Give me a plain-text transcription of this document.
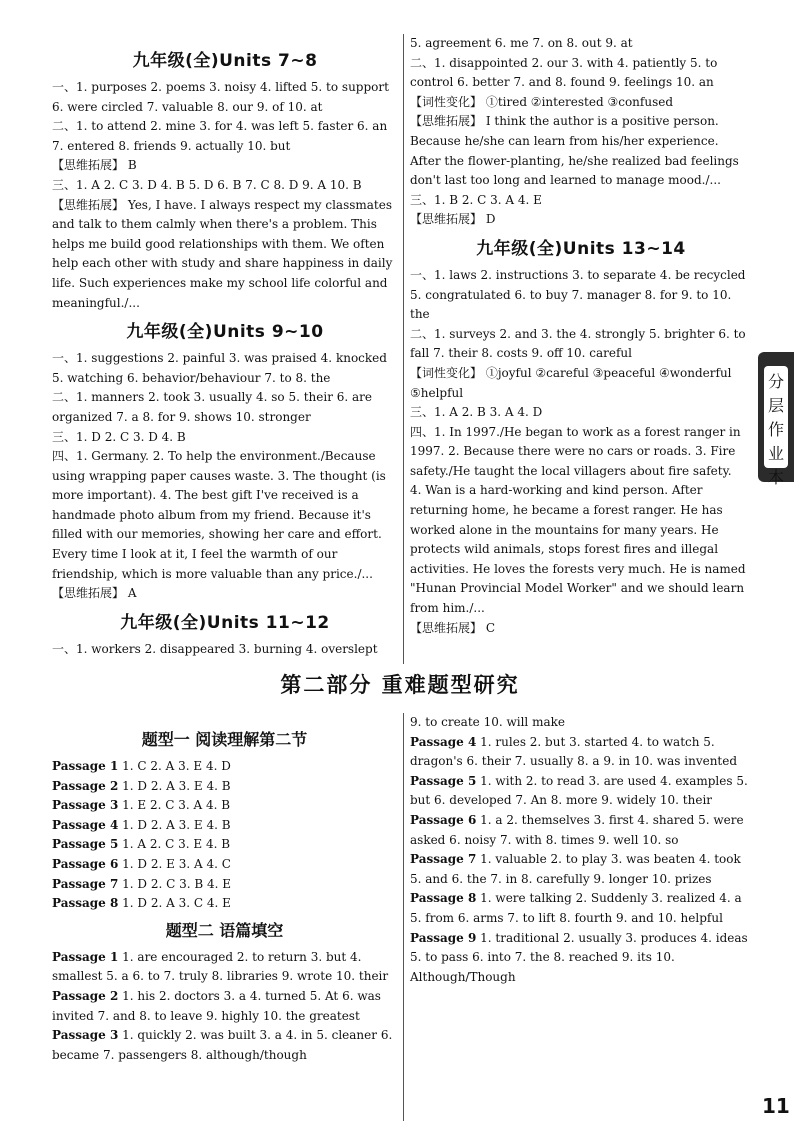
九年级(全)Units 7~8

一、1. purposes 2. poems 3. noisy 4. lifted 5. to support 6. were circled 7. valuable 8. our 9. of 10. at

二、1. to attend 2. mine 3. for 4. was left 5. faster 6. an 7. entered 8. friends 9. actually 10. but

【思维拓展】 B

三、1. A 2. C 3. D 4. B 5. D 6. B 7. C 8. D 9. A 10. B

【思维拓展】 Yes, I have. I always respect my classmates and talk to them calmly when there's a problem. This helps me build good relationships with them. We often help each other with study and share happiness in daily life. Such experiences make my school life colorful and meaningful./...

九年级(全)Units 9~10

一、1. suggestions 2. painful 3. was praised 4. knocked 5. watching 6. behavior/behaviour 7. to 8. the

二、1. manners 2. took 3. usually 4. so 5. their 6. are organized 7. a 8. for 9. shows 10. stronger

三、1. D 2. C 3. D 4. B

四、1. Germany. 2. To help the environment./Because using wrapping paper causes waste. 3. The thought (is more important). 4. The best gift I've received is a handmade photo album from my friend. Because it's filled with our memories, showing her care and effort. Every time I look at it, I feel the warmth of our friendship, which is more valuable than any price./...

【思维拓展】 A

九年级(全)Units 11~12

一、1. workers 2. disappeared 3. burning 4. overslept

5. agreement 6. me 7. on 8. out 9. at

二、1. disappointed 2. our 3. with 4. patiently 5. to control 6. better 7. and 8. found 9. feelings 10. an

【词性变化】 ①tired ②interested ③confused

【思维拓展】 I think the author is a positive person. Because he/she can learn from his/her experience. After the flower-planting, he/she realized bad feelings don't last too long and learned to manage mood./...

三、1. B 2. C 3. A 4. E

【思维拓展】 D

九年级(全)Units 13~14

一、1. laws 2. instructions 3. to separate 4. be recycled 5. congratulated 6. to buy 7. manager 8. for 9. to 10. the

二、1. surveys 2. and 3. the 4. strongly 5. brighter 6. to fall 7. their 8. costs 9. off 10. careful

【词性变化】 ①joyful ②careful ③peaceful ④wonderful ⑤helpful

三、1. A 2. B 3. A 4. D

四、1. In 1997./He began to work as a forest ranger in 1997. 2. Because there were no cars or roads. 3. Fire safety./He taught the local villagers about fire safety.

4. Wan is a hard-working and kind person. After returning home, he became a forest ranger. He has worked alone in the mountains for many years. He protects wild animals, stops forest fires and illegal activities. He loves the forests very much. He is named "Hunan Provincial Model Worker" and we should learn from him./...

【思维拓展】 C

分层作业本
第二部分 重难题型研究

题型一 阅读理解第二节

Passage 1 1. C 2. A 3. E 4. D

Passage 2 1. D 2. A 3. E 4. B

Passage 3 1. E 2. C 3. A 4. B

Passage 4 1. D 2. A 3. E 4. B

Passage 5 1. A 2. C 3. E 4. B

Passage 6 1. D 2. E 3. A 4. C

Passage 7 1. D 2. C 3. B 4. E

Passage 8 1. D 2. A 3. C 4. E

题型二 语篇填空

Passage 1 1. are encouraged 2. to return 3. but 4. smallest 5. a 6. to 7. truly 8. libraries 9. wrote 10. their

Passage 2 1. his 2. doctors 3. a 4. turned 5. At 6. was invited 7. and 8. to leave 9. highly 10. the greatest

Passage 3 1. quickly 2. was built 3. a 4. in 5. cleaner 6. became 7. passengers 8. although/though

9. to create 10. will make

Passage 4 1. rules 2. but 3. started 4. to watch 5. dragon's 6. their 7. usually 8. a 9. in 10. was invented

Passage 5 1. with 2. to read 3. are used 4. examples 5. but 6. developed 7. An 8. more 9. widely 10. their

Passage 6 1. a 2. themselves 3. first 4. shared 5. were asked 6. noisy 7. with 8. times 9. well 10. so

Passage 7 1. valuable 2. to play 3. was beaten 4. took 5. and 6. the 7. in 8. carefully 9. longer 10. prizes

Passage 8 1. were talking 2. Suddenly 3. realized 4. a 5. from 6. arms 7. to lift 8. fourth 9. and 10. helpful

Passage 9 1. traditional 2. usually 3. produces 4. ideas 5. to pass 6. into 7. the 8. reached 9. its 10. Although/Though

11
